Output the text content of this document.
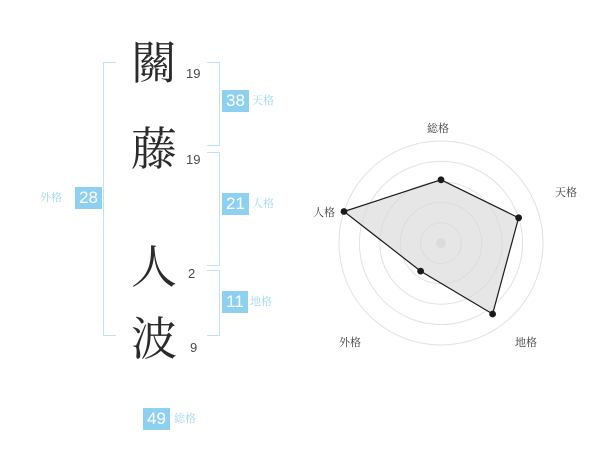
關 19
藤 19
人 2
波	9
38 天格
21 人格
11 地格
28
外格
49 総格
総格
天格
地格
外格
人格
